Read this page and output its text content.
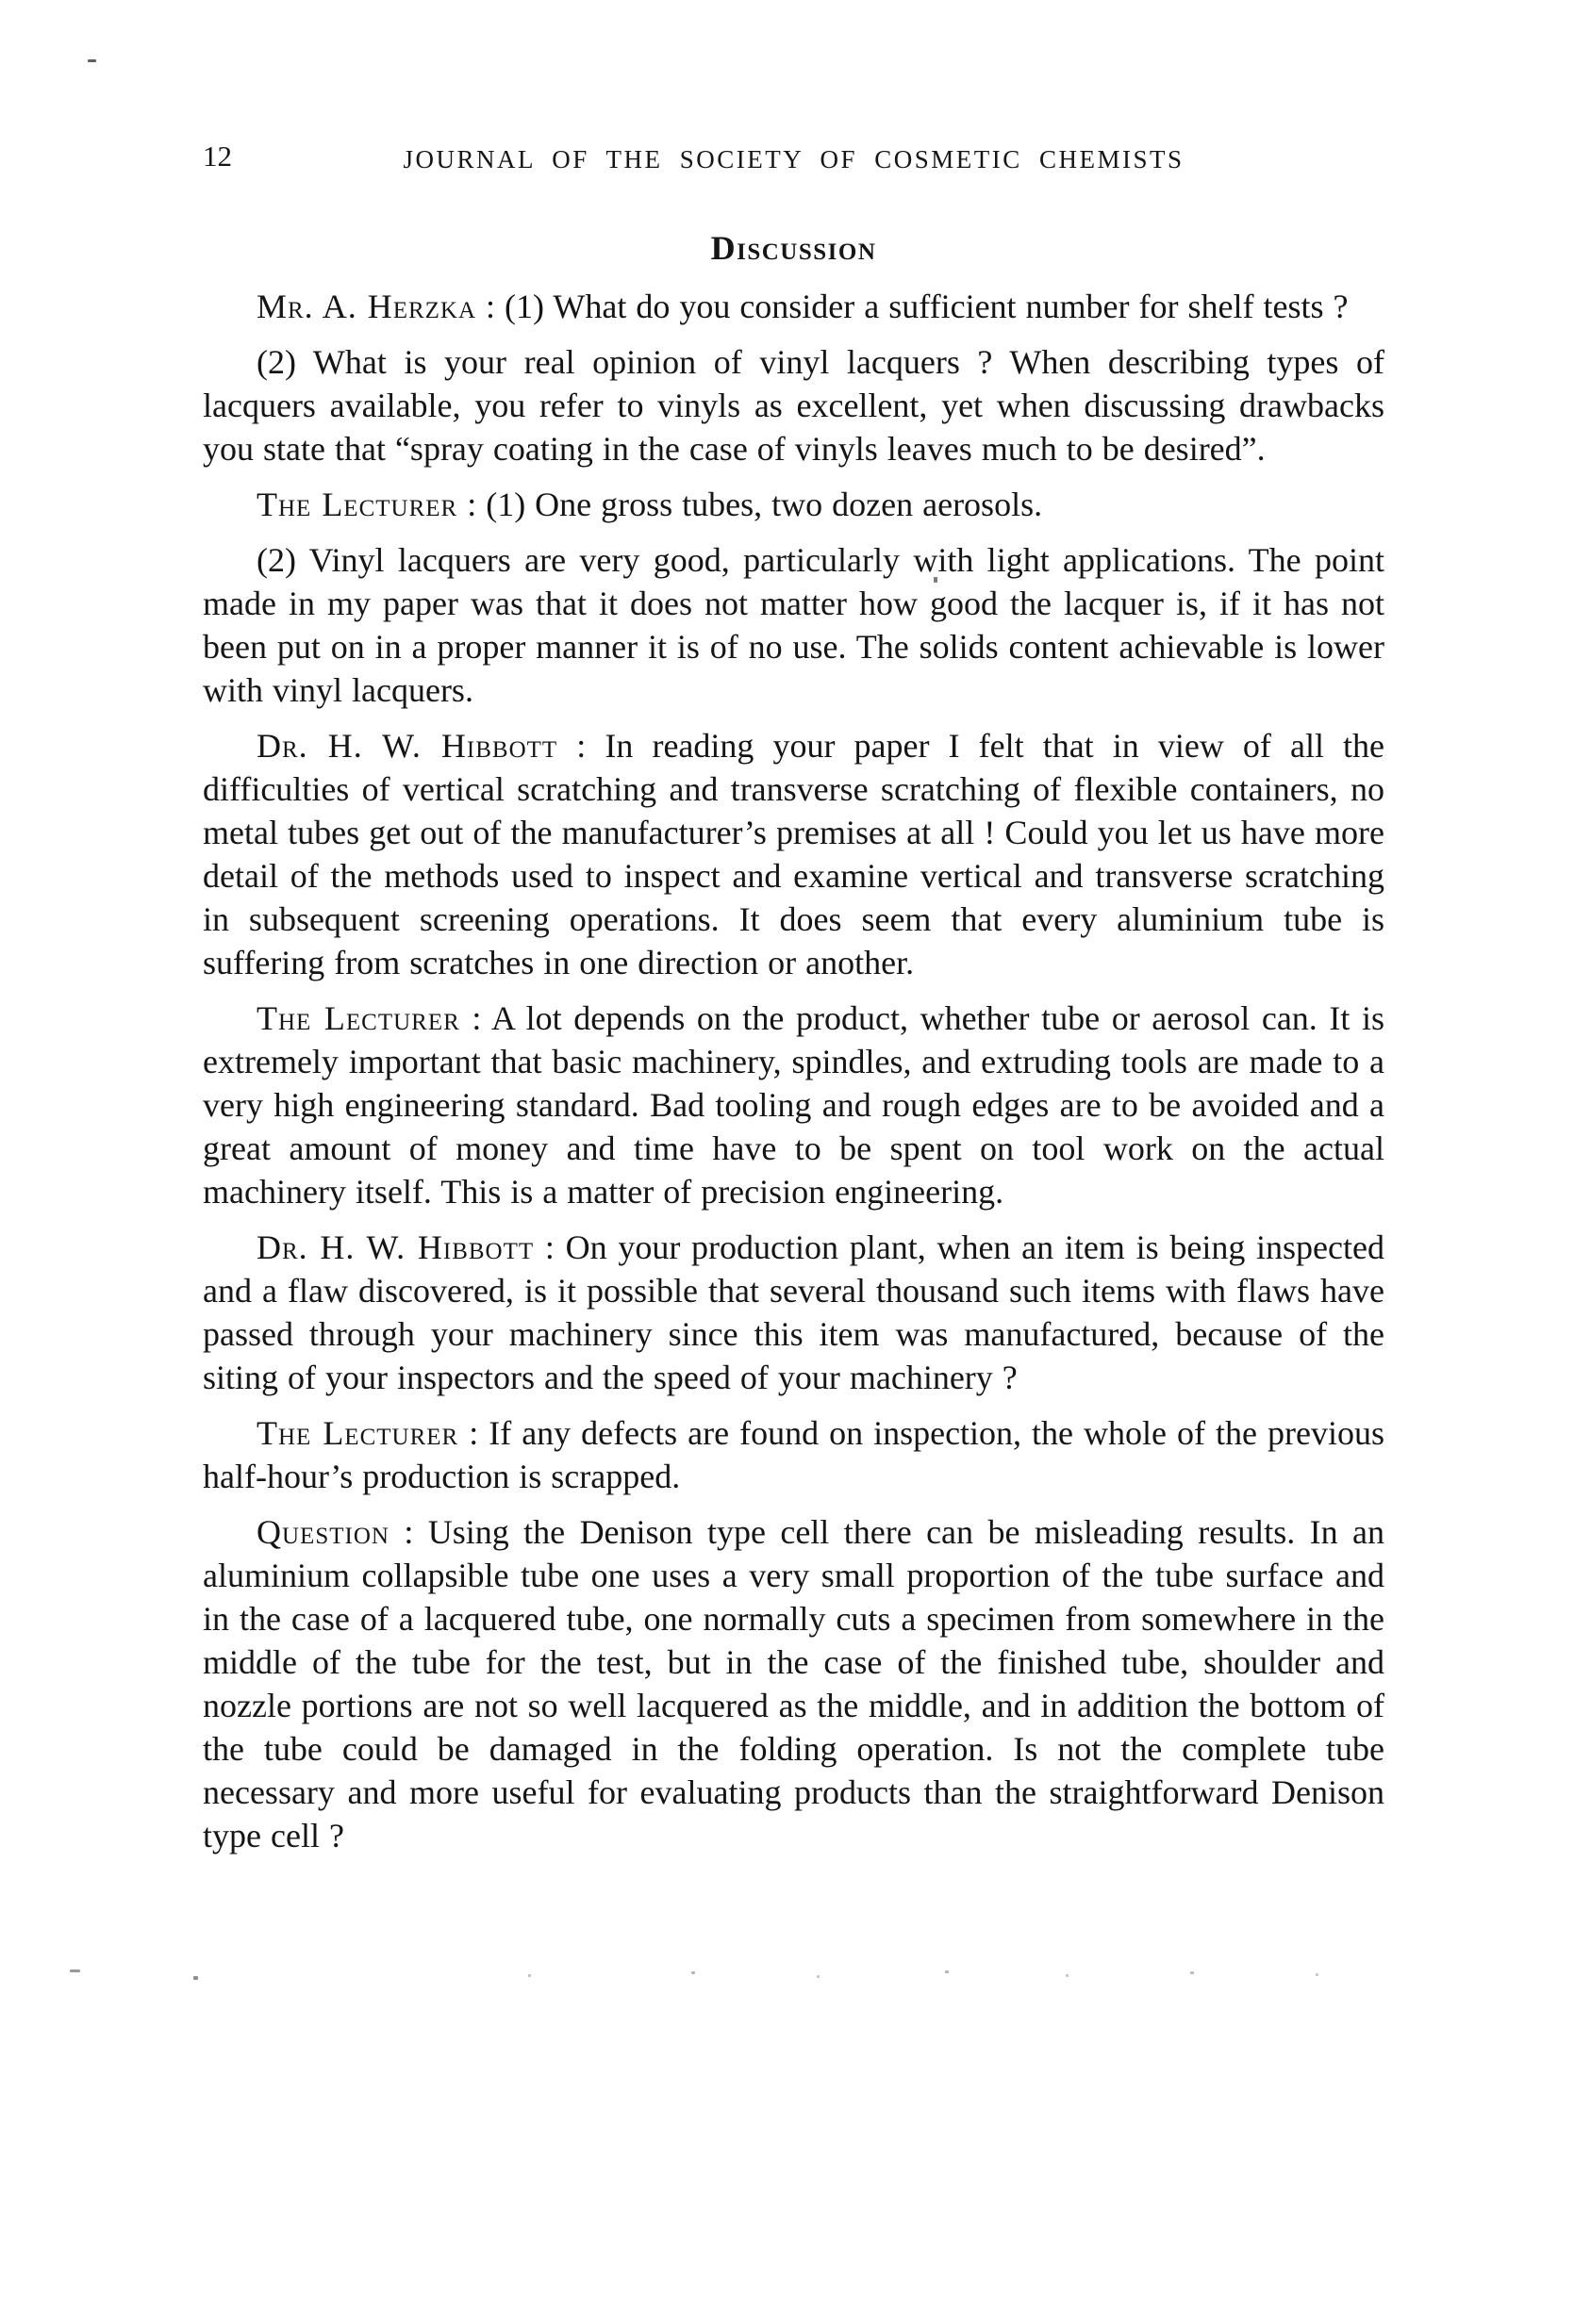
12	JOURNAL OF THE SOCIETY OF COSMETIC CHEMISTS
Discussion

Mr. A. Herzka : (1) What do you consider a sufficient number for shelf tests ?

(2) What is your real opinion of vinyl lacquers ? When describing types of lacquers available, you refer to vinyls as excellent, yet when discussing drawbacks you state that “spray coating in the case of vinyls leaves much to be desired”.

The Lecturer : (1) One gross tubes, two dozen aerosols.

(2) Vinyl lacquers are very good, particularly with light applications. The point made in my paper was that it does not matter how good the lacquer is, if it has not been put on in a proper manner it is of no use. The solids content achievable is lower with vinyl lacquers.

Dr. H. W. Hibbott : In reading your paper I felt that in view of all the difficulties of vertical scratching and transverse scratching of flexible containers, no metal tubes get out of the manufacturer’s premises at all ! Could you let us have more detail of the methods used to inspect and examine vertical and transverse scratching in subsequent screening operations. It does seem that every aluminium tube is suffering from scratches in one direction or another.

The Lecturer : A lot depends on the product, whether tube or aerosol can. It is extremely important that basic machinery, spindles, and extruding tools are made to a very high engineering standard. Bad tooling and rough edges are to be avoided and a great amount of money and time have to be spent on tool work on the actual machinery itself. This is a matter of precision engineering.

Dr. H. W. Hibbott : On your production plant, when an item is being inspected and a flaw discovered, is it possible that several thousand such items with flaws have passed through your machinery since this item was manufactured, because of the siting of your inspectors and the speed of your machinery ?

The Lecturer : If any defects are found on inspection, the whole of the previous half-hour’s production is scrapped.

Question : Using the Denison type cell there can be misleading results. In an aluminium collapsible tube one uses a very small proportion of the tube surface and in the case of a lacquered tube, one normally cuts a specimen from somewhere in the middle of the tube for the test, but in the case of the finished tube, shoulder and nozzle portions are not so well lacquered as the middle, and in addition the bottom of the tube could be damaged in the folding operation. Is not the complete tube necessary and more useful for evaluating products than the straightforward Denison type cell ?
